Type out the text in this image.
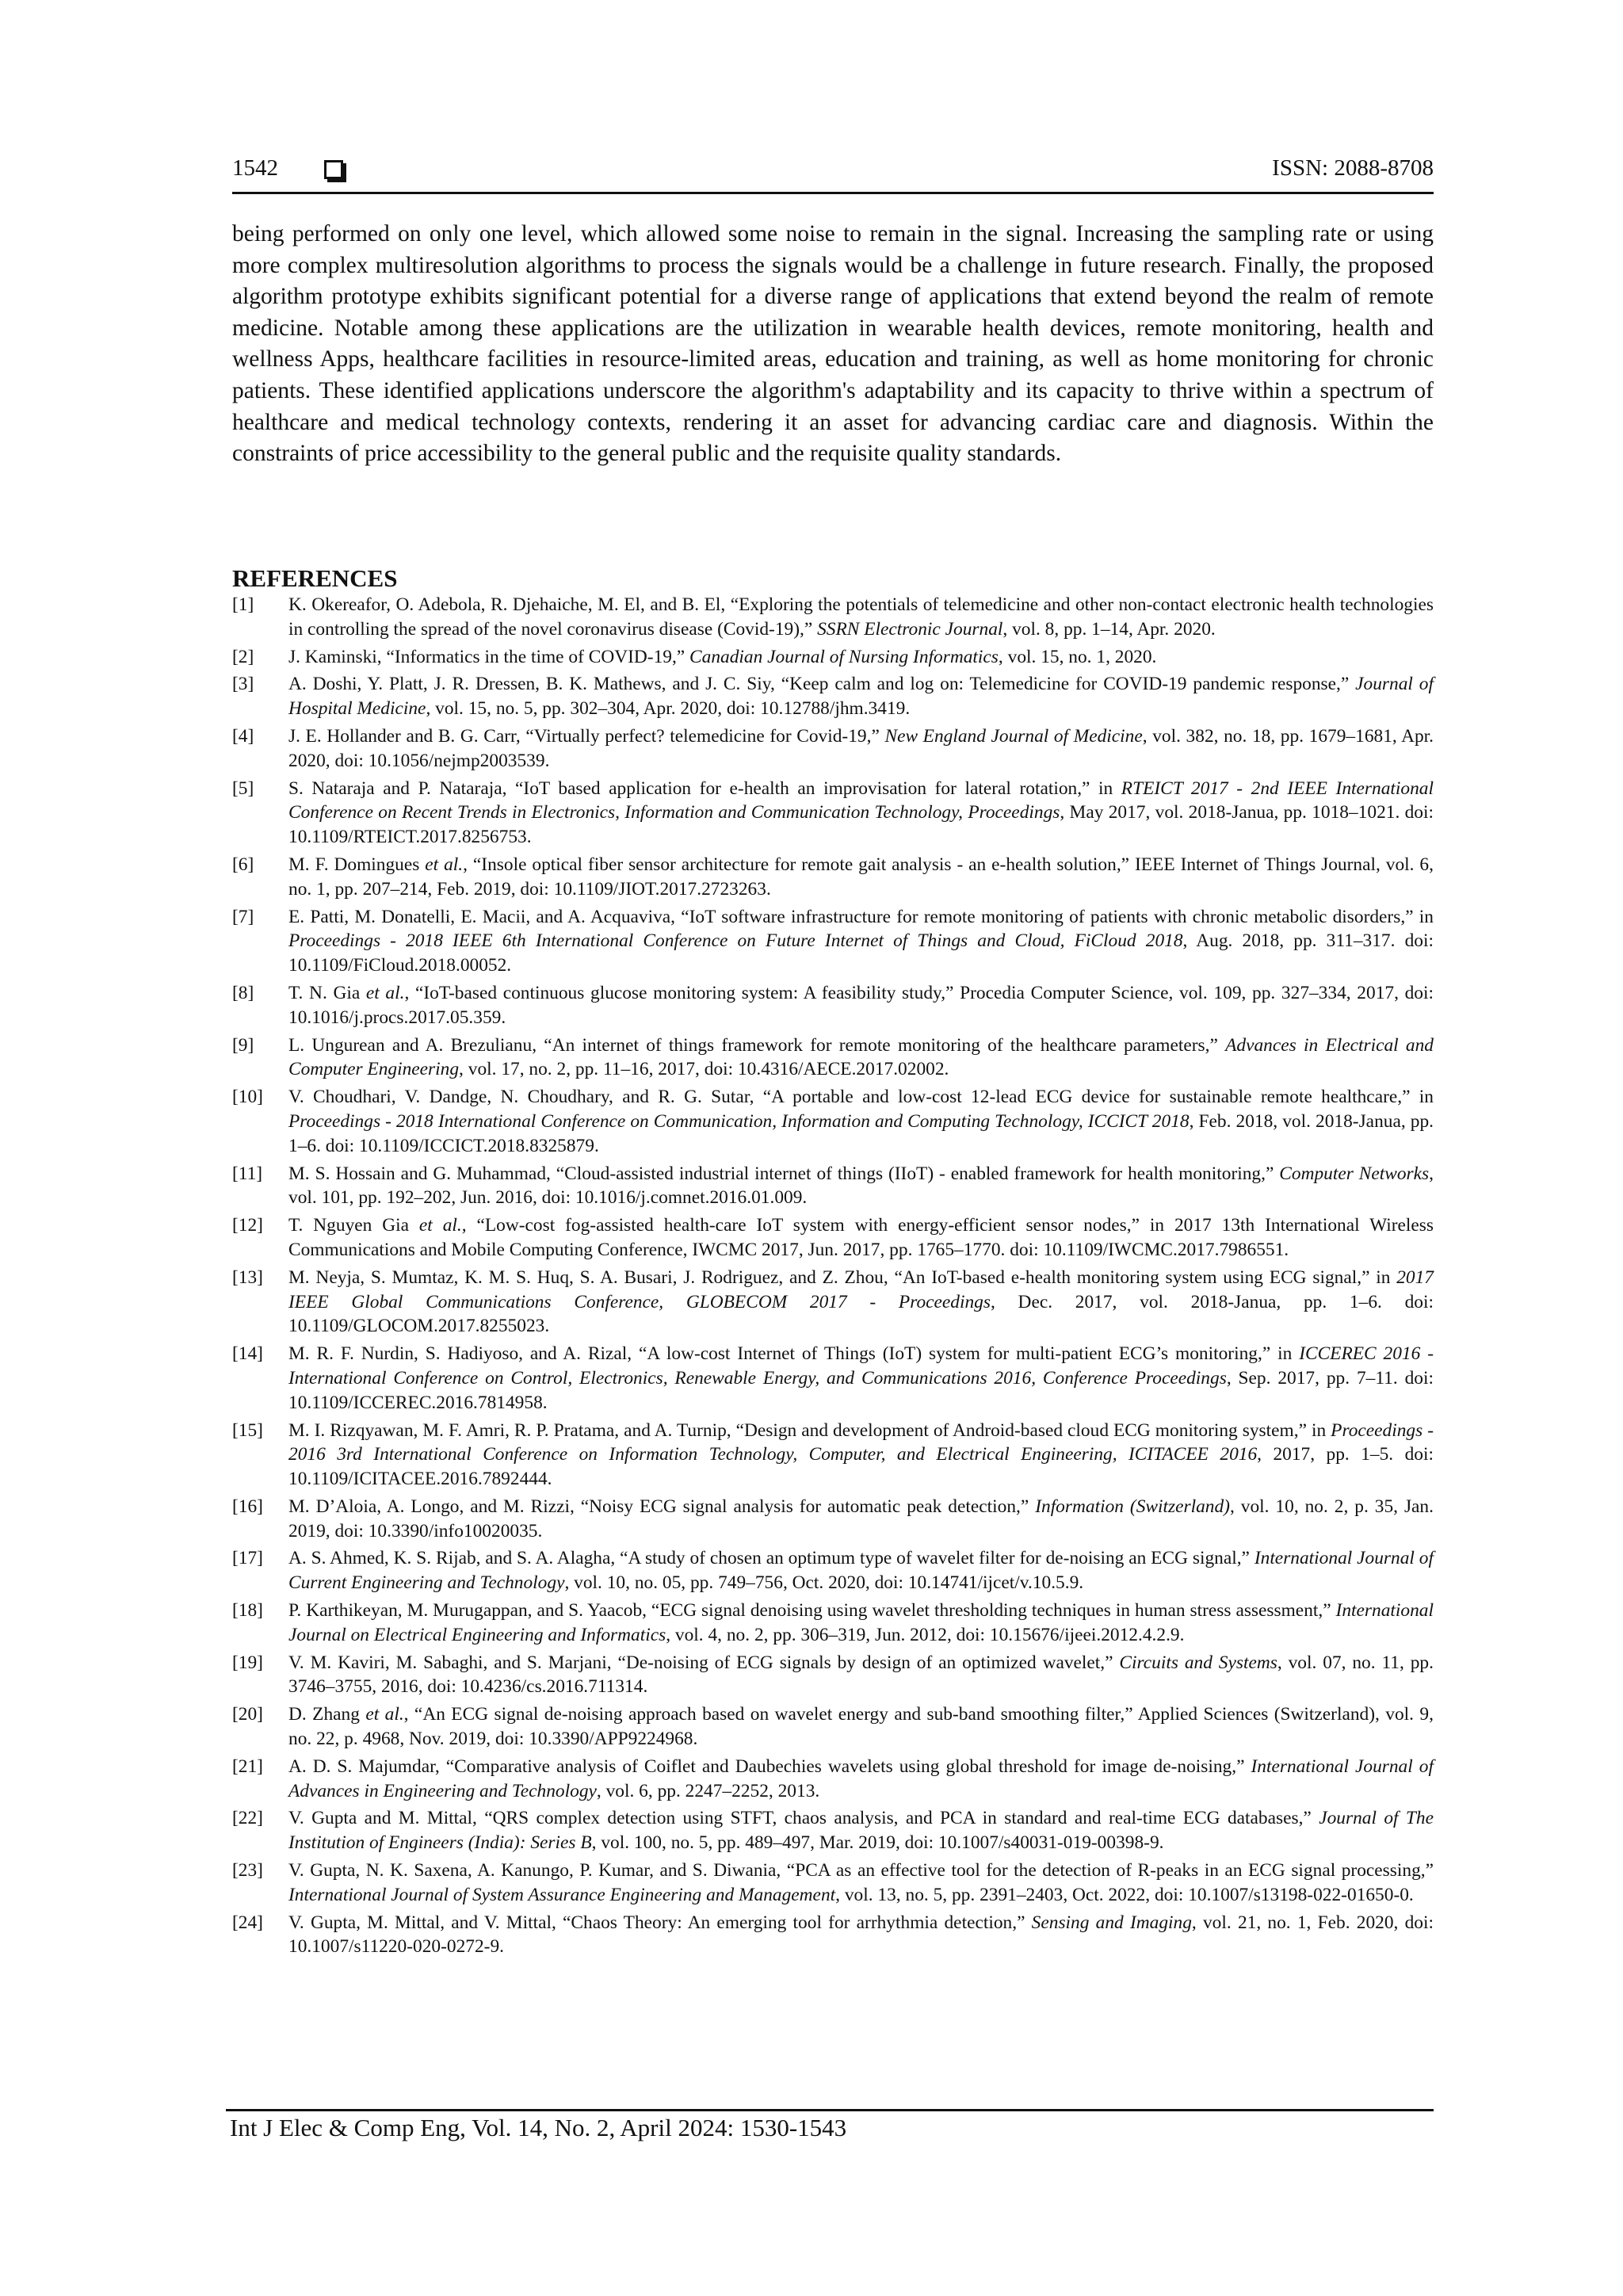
1542	ISSN: 2088-8708

being performed on only one level, which allowed some noise to remain in the signal. Increasing the sampling rate or using more complex multiresolution algorithms to process the signals would be a challenge in future research. Finally, the proposed algorithm prototype exhibits significant potential for a diverse range of applications that extend beyond the realm of remote medicine. Notable among these applications are the utilization in wearable health devices, remote monitoring, health and wellness Apps, healthcare facilities in resource-limited areas, education and training, as well as home monitoring for chronic patients. These identified applications underscore the algorithm's adaptability and its capacity to thrive within a spectrum of healthcare and medical technology contexts, rendering it an asset for advancing cardiac care and diagnosis. Within the constraints of price accessibility to the general public and the requisite quality standards.

REFERENCES
[1] K. Okereafor, O. Adebola, R. Djehaiche, M. El, and B. El, “Exploring the potentials of telemedicine and other non-contact electronic health technologies in controlling the spread of the novel coronavirus disease (Covid-19),” SSRN Electronic Journal, vol. 8, pp. 1–14, Apr. 2020.
[2] J. Kaminski, “Informatics in the time of COVID-19,” Canadian Journal of Nursing Informatics, vol. 15, no. 1, 2020.
[3] A. Doshi, Y. Platt, J. R. Dressen, B. K. Mathews, and J. C. Siy, “Keep calm and log on: Telemedicine for COVID-19 pandemic response,” Journal of Hospital Medicine, vol. 15, no. 5, pp. 302–304, Apr. 2020, doi: 10.12788/jhm.3419.
[4] J. E. Hollander and B. G. Carr, “Virtually perfect? telemedicine for Covid-19,” New England Journal of Medicine, vol. 382, no. 18, pp. 1679–1681, Apr. 2020, doi: 10.1056/nejmp2003539.
[5] S. Nataraja and P. Nataraja, “IoT based application for e-health an improvisation for lateral rotation,” in RTEICT 2017 - 2nd IEEE International Conference on Recent Trends in Electronics, Information and Communication Technology, Proceedings, May 2017, vol. 2018-Janua, pp. 1018–1021. doi: 10.1109/RTEICT.2017.8256753.
[6] M. F. Domingues et al., “Insole optical fiber sensor architecture for remote gait analysis - an e-health solution,” IEEE Internet of Things Journal, vol. 6, no. 1, pp. 207–214, Feb. 2019, doi: 10.1109/JIOT.2017.2723263.
[7] E. Patti, M. Donatelli, E. Macii, and A. Acquaviva, “IoT software infrastructure for remote monitoring of patients with chronic metabolic disorders,” in Proceedings - 2018 IEEE 6th International Conference on Future Internet of Things and Cloud, FiCloud 2018, Aug. 2018, pp. 311–317. doi: 10.1109/FiCloud.2018.00052.
[8] T. N. Gia et al., “IoT-based continuous glucose monitoring system: A feasibility study,” Procedia Computer Science, vol. 109, pp. 327–334, 2017, doi: 10.1016/j.procs.2017.05.359.
[9] L. Ungurean and A. Brezulianu, “An internet of things framework for remote monitoring of the healthcare parameters,” Advances in Electrical and Computer Engineering, vol. 17, no. 2, pp. 11–16, 2017, doi: 10.4316/AECE.2017.02002.
[10] V. Choudhari, V. Dandge, N. Choudhary, and R. G. Sutar, “A portable and low-cost 12-lead ECG device for sustainable remote healthcare,” in Proceedings - 2018 International Conference on Communication, Information and Computing Technology, ICCICT 2018, Feb. 2018, vol. 2018-Janua, pp. 1–6. doi: 10.1109/ICCICT.2018.8325879.
[11] M. S. Hossain and G. Muhammad, “Cloud-assisted industrial internet of things (IIoT) - enabled framework for health monitoring,” Computer Networks, vol. 101, pp. 192–202, Jun. 2016, doi: 10.1016/j.comnet.2016.01.009.
[12] T. Nguyen Gia et al., “Low-cost fog-assisted health-care IoT system with energy-efficient sensor nodes,” in 2017 13th International Wireless Communications and Mobile Computing Conference, IWCMC 2017, Jun. 2017, pp. 1765–1770. doi: 10.1109/IWCMC.2017.7986551.
[13] M. Neyja, S. Mumtaz, K. M. S. Huq, S. A. Busari, J. Rodriguez, and Z. Zhou, “An IoT-based e-health monitoring system using ECG signal,” in 2017 IEEE Global Communications Conference, GLOBECOM 2017 - Proceedings, Dec. 2017, vol. 2018-Janua, pp. 1–6. doi: 10.1109/GLOCOM.2017.8255023.
[14] M. R. F. Nurdin, S. Hadiyoso, and A. Rizal, “A low-cost Internet of Things (IoT) system for multi-patient ECG’s monitoring,” in ICCEREC 2016 - International Conference on Control, Electronics, Renewable Energy, and Communications 2016, Conference Proceedings, Sep. 2017, pp. 7–11. doi: 10.1109/ICCEREC.2016.7814958.
[15] M. I. Rizqyawan, M. F. Amri, R. P. Pratama, and A. Turnip, “Design and development of Android-based cloud ECG monitoring system,” in Proceedings - 2016 3rd International Conference on Information Technology, Computer, and Electrical Engineering, ICITACEE 2016, 2017, pp. 1–5. doi: 10.1109/ICITACEE.2016.7892444.
[16] M. D’Aloia, A. Longo, and M. Rizzi, “Noisy ECG signal analysis for automatic peak detection,” Information (Switzerland), vol. 10, no. 2, p. 35, Jan. 2019, doi: 10.3390/info10020035.
[17] A. S. Ahmed, K. S. Rijab, and S. A. Alagha, “A study of chosen an optimum type of wavelet filter for de-noising an ECG signal,” International Journal of Current Engineering and Technology, vol. 10, no. 05, pp. 749–756, Oct. 2020, doi: 10.14741/ijcet/v.10.5.9.
[18] P. Karthikeyan, M. Murugappan, and S. Yaacob, “ECG signal denoising using wavelet thresholding techniques in human stress assessment,” International Journal on Electrical Engineering and Informatics, vol. 4, no. 2, pp. 306–319, Jun. 2012, doi: 10.15676/ijeei.2012.4.2.9.
[19] V. M. Kaviri, M. Sabaghi, and S. Marjani, “De-noising of ECG signals by design of an optimized wavelet,” Circuits and Systems, vol. 07, no. 11, pp. 3746–3755, 2016, doi: 10.4236/cs.2016.711314.
[20] D. Zhang et al., “An ECG signal de-noising approach based on wavelet energy and sub-band smoothing filter,” Applied Sciences (Switzerland), vol. 9, no. 22, p. 4968, Nov. 2019, doi: 10.3390/APP9224968.
[21] A. D. S. Majumdar, “Comparative analysis of Coiflet and Daubechies wavelets using global threshold for image de-noising,” International Journal of Advances in Engineering and Technology, vol. 6, pp. 2247–2252, 2013.
[22] V. Gupta and M. Mittal, “QRS complex detection using STFT, chaos analysis, and PCA in standard and real-time ECG databases,” Journal of The Institution of Engineers (India): Series B, vol. 100, no. 5, pp. 489–497, Mar. 2019, doi: 10.1007/s40031-019-00398-9.
[23] V. Gupta, N. K. Saxena, A. Kanungo, P. Kumar, and S. Diwania, “PCA as an effective tool for the detection of R-peaks in an ECG signal processing,” International Journal of System Assurance Engineering and Management, vol. 13, no. 5, pp. 2391–2403, Oct. 2022, doi: 10.1007/s13198-022-01650-0.
[24] V. Gupta, M. Mittal, and V. Mittal, “Chaos Theory: An emerging tool for arrhythmia detection,” Sensing and Imaging, vol. 21, no. 1, Feb. 2020, doi: 10.1007/s11220-020-0272-9.
Int J Elec & Comp Eng, Vol. 14, No. 2, April 2024: 1530-1543
